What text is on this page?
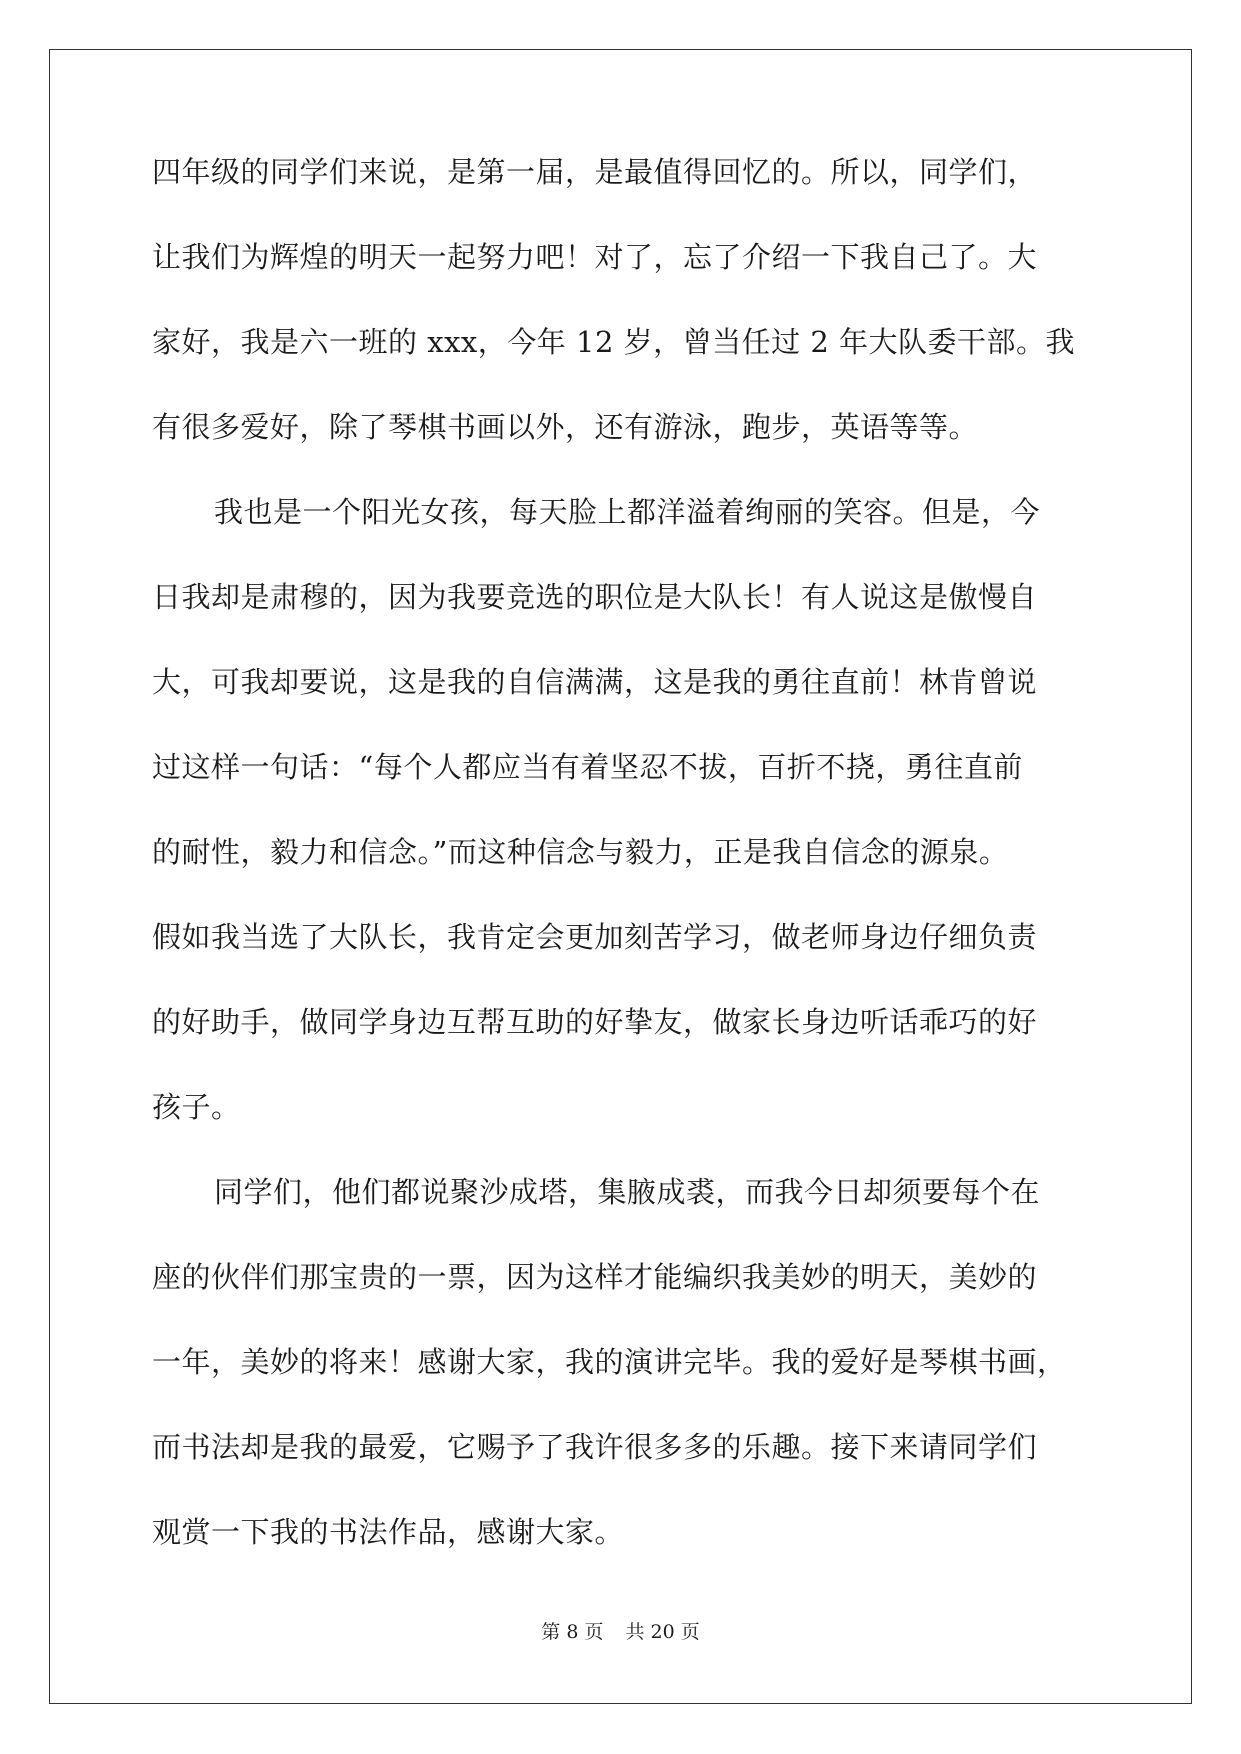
四年级的同学们来说，是第一届，是最值得回忆的。所以，同学们，
让我们为辉煌的明天一起努力吧！对了，忘了介绍一下我自己了。大
家好，我是六一班的 xxx，今年 12 岁，曾当任过 2 年大队委干部。我
有很多爱好，除了琴棋书画以外，还有游泳，跑步，英语等等。
我也是一个阳光女孩，每天脸上都洋溢着绚丽的笑容。但是，今
日我却是肃穆的，因为我要竞选的职位是大队长！有人说这是傲慢自
大，可我却要说，这是我的自信满满，这是我的勇往直前！林肯曾说
过这样一句话：“每个人都应当有着坚忍不拔，百折不挠，勇往直前
的耐性，毅力和信念。”而这种信念与毅力，正是我自信念的源泉。
假如我当选了大队长，我肯定会更加刻苦学习，做老师身边仔细负责
的好助手，做同学身边互帮互助的好挚友，做家长身边听话乖巧的好
孩子。
同学们，他们都说聚沙成塔，集腋成裘，而我今日却须要每个在
座的伙伴们那宝贵的一票，因为这样才能编织我美妙的明天，美妙的
一年，美妙的将来！感谢大家，我的演讲完毕。我的爱好是琴棋书画，
而书法却是我的最爱，它赐予了我许很多多的乐趣。接下来请同学们
观赏一下我的书法作品，感谢大家。
第 8 页 共 20 页
